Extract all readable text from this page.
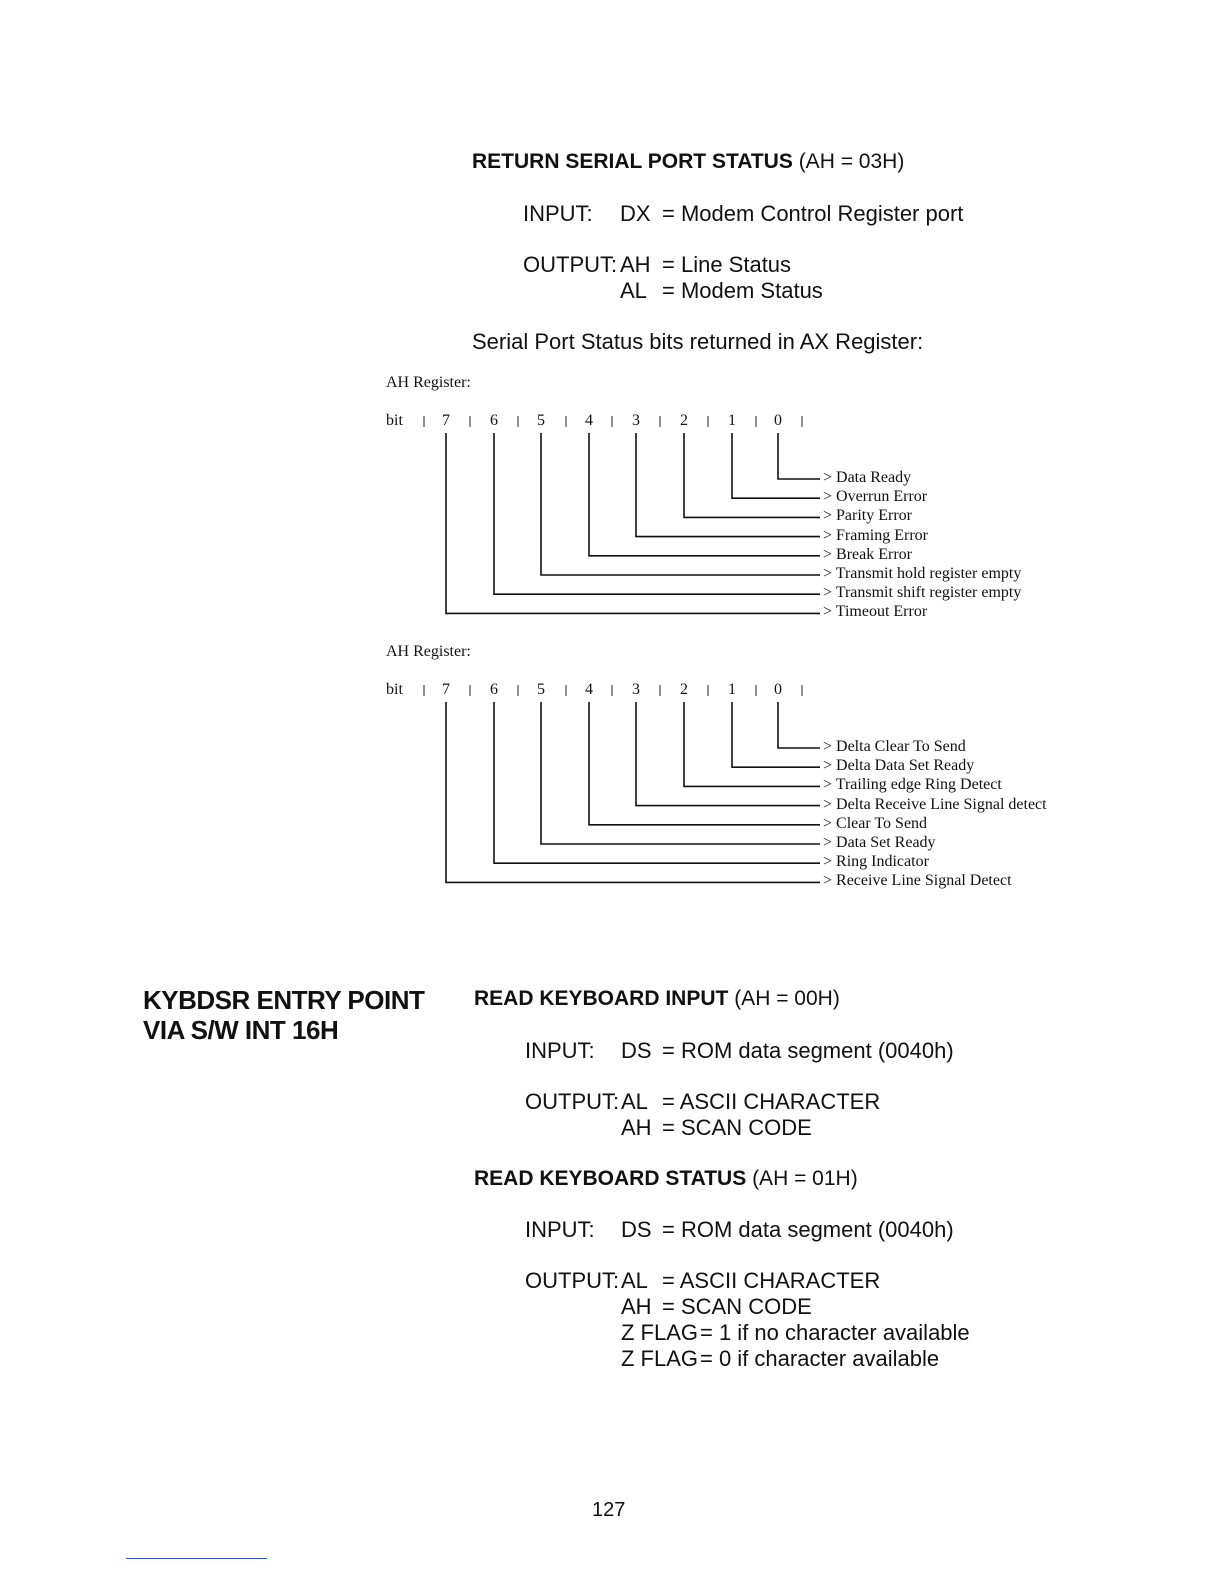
RETURN SERIAL PORT STATUS (AH = 03H)
INPUT: DX = Modem Control Register port
OUTPUT: AH = Line Status
AL = Modem Status
Serial Port Status bits returned in AX Register:
AH Register:
bit 7	6 5	4 3	2	1 0
> Data Ready
> Overrun Error
> Parity Error
> Framing Error
> Break Error
> Transmit hold register empty
> Transmit shift register empty
> Timeout Error
AH Register:
bit 7	6 5	4 3	2	1 0
> Delta Clear To Send
> Delta Data Set Ready
> Trailing edge Ring Detect
> Delta Receive Line Signal detect
> Clear To Send
> Data Set Ready
> Ring Indicator
> Receive Line Signal Detect
KYBDSR ENTRY POINT
VIA S/W INT 16H
READ KEYBOARD INPUT (AH = 00H)
INPUT: DS = ROM data segment (0040h)
OUTPUT: AL = ASCII CHARACTER
AH = SCAN CODE
READ KEYBOARD STATUS (AH = 01H)
INPUT: DS = ROM data segment (0040h)
OUTPUT: AL = ASCII CHARACTER
AH = SCAN CODE
Z FLAG = 1 if no character available
Z FLAG = 0 if character available
127
